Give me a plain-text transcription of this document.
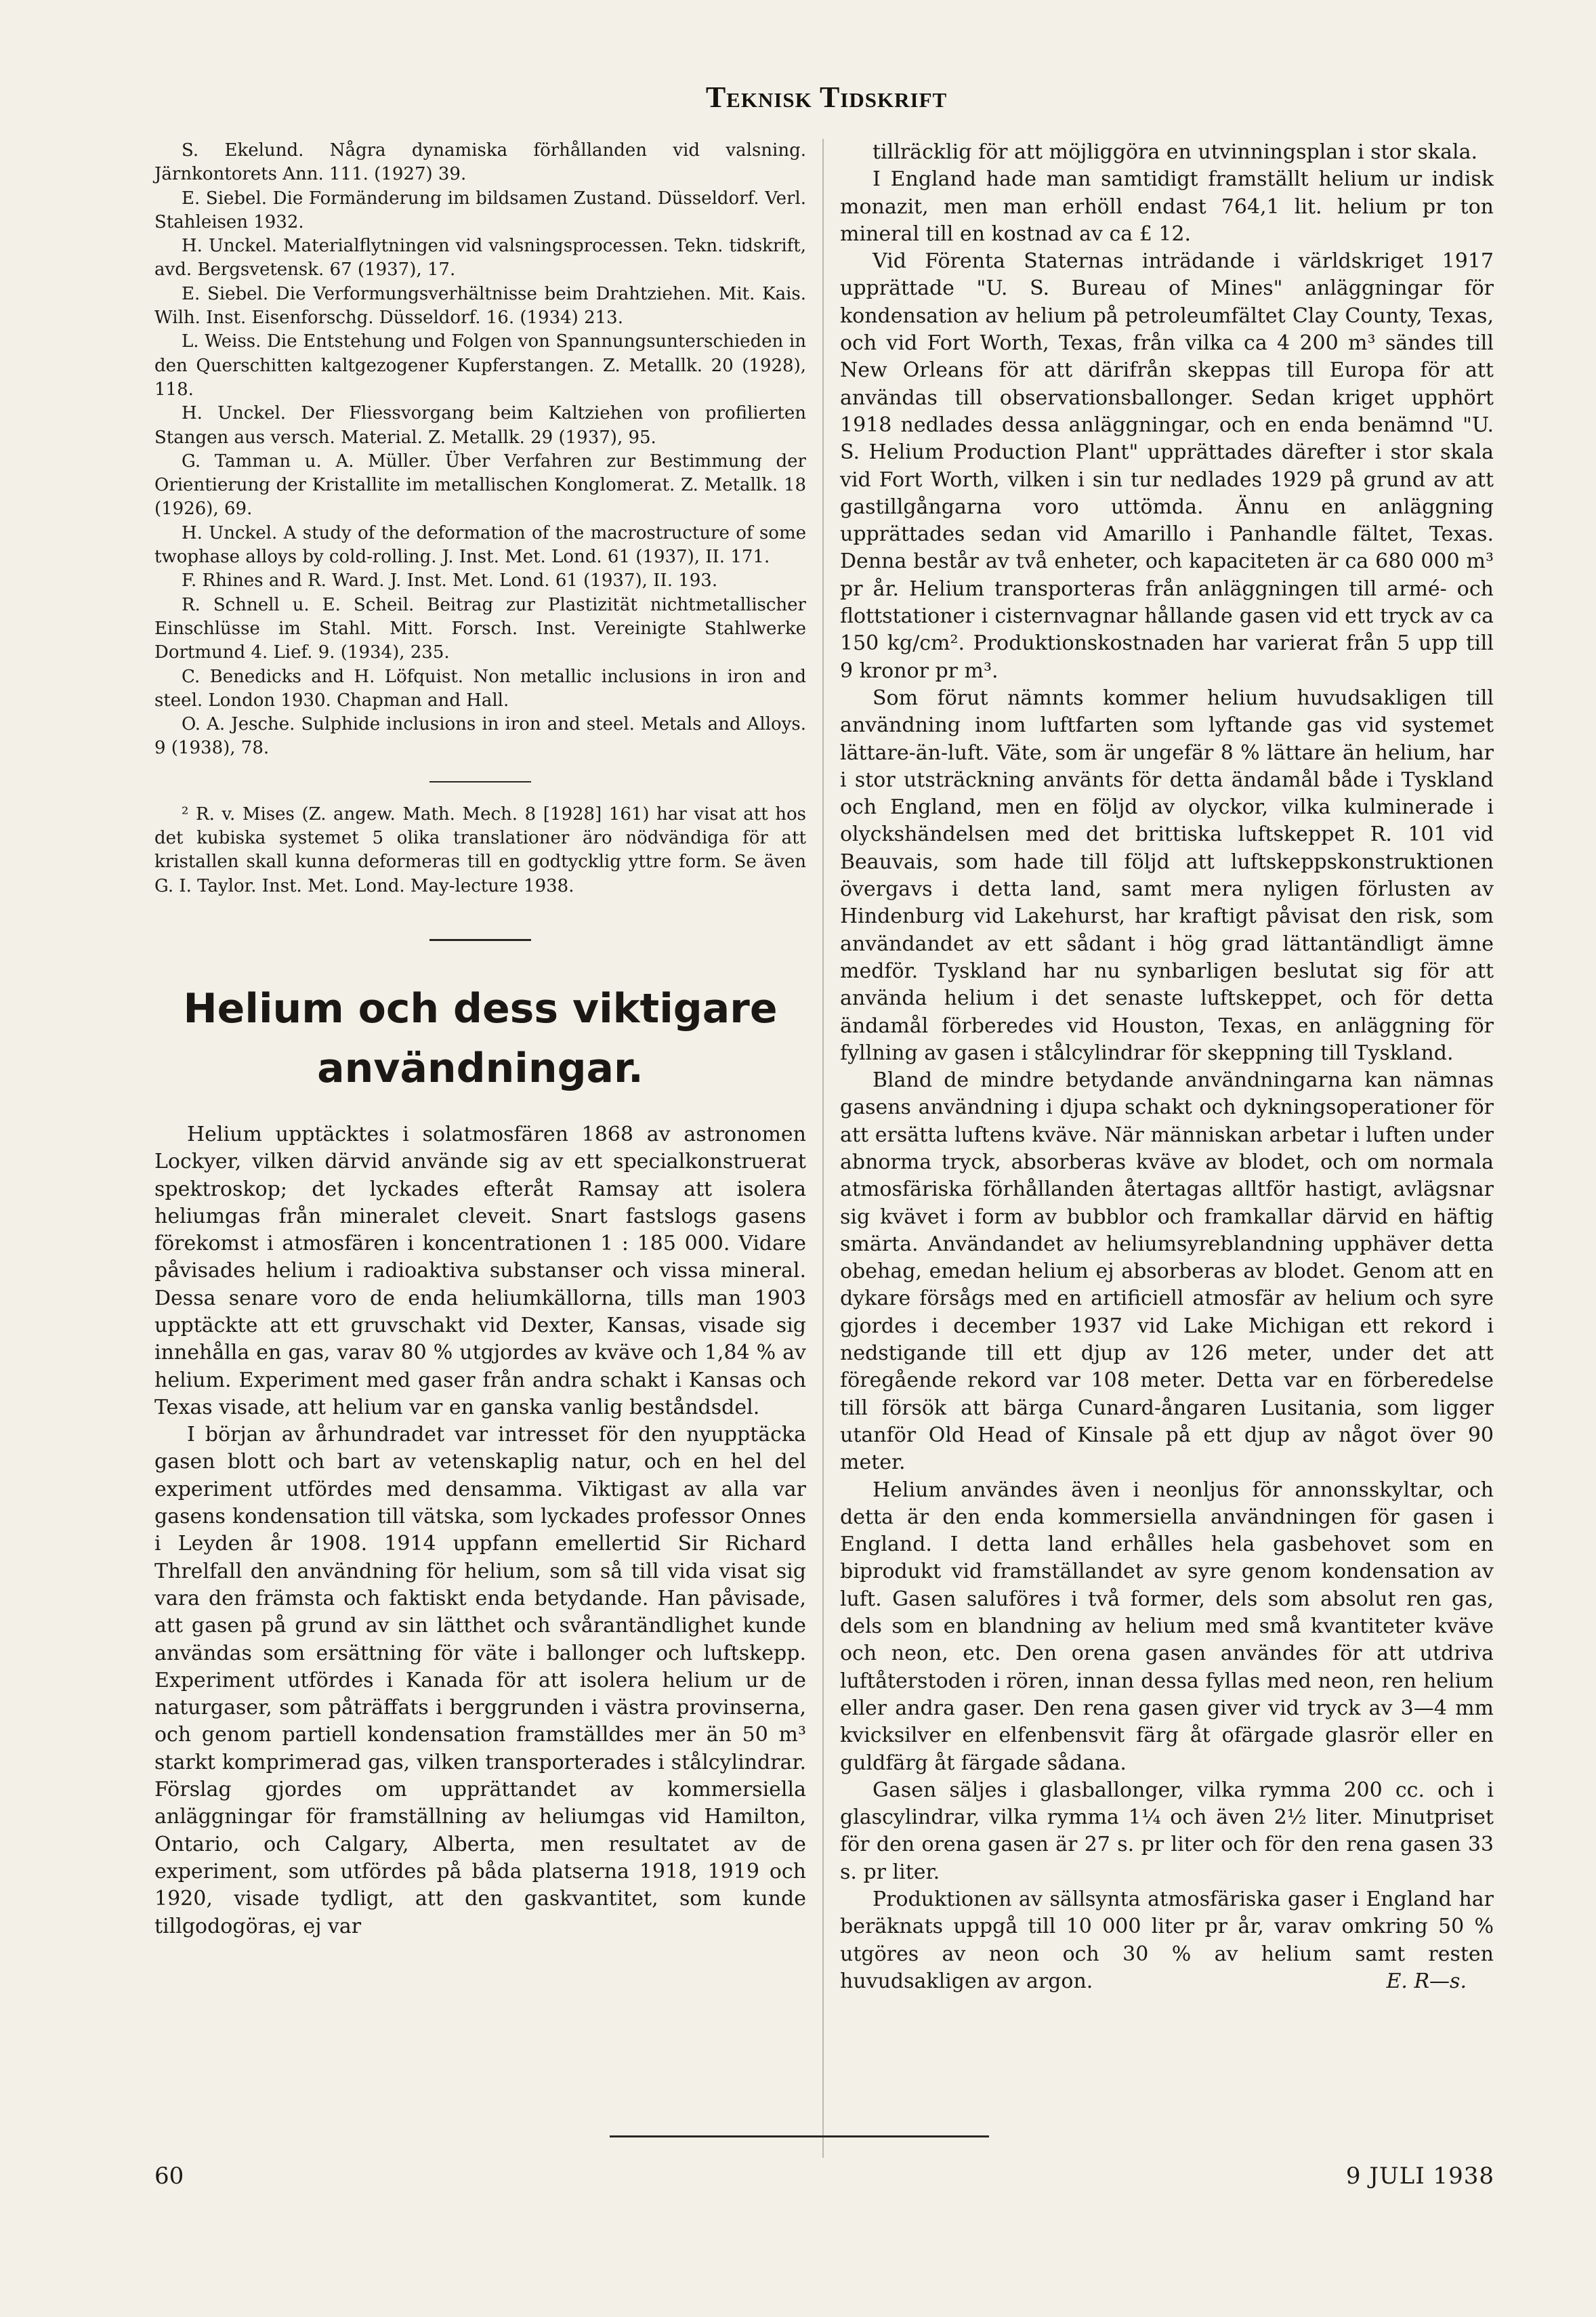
Teknisk Tidskrift

S. Ekelund. Några dynamiska förhållanden vid valsning. Järnkontorets Ann. 111. (1927) 39.

E. Siebel. Die Formänderung im bildsamen Zustand. Düsseldorf. Verl. Stahleisen 1932.

H. Unckel. Materialflytningen vid valsningsprocessen. Tekn. tidskrift, avd. Bergsvetensk. 67 (1937), 17.

E. Siebel. Die Verformungsverhältnisse beim Drahtziehen. Mit. Kais. Wilh. Inst. Eisenforschg. Düsseldorf. 16. (1934) 213.

L. Weiss. Die Entstehung und Folgen von Spannungsunterschieden in den Querschitten kaltgezogener Kupferstangen. Z. Metallk. 20 (1928), 118.

H. Unckel. Der Fliessvorgang beim Kaltziehen von profilierten Stangen aus versch. Material. Z. Metallk. 29 (1937), 95.

G. Tamman u. A. Müller. Über Verfahren zur Bestimmung der Orientierung der Kristallite im metallischen Konglomerat. Z. Metallk. 18 (1926), 69.

H. Unckel. A study of the deformation of the macrostructure of some twophase alloys by cold-rolling. J. Inst. Met. Lond. 61 (1937), II. 171.

F. Rhines and R. Ward. J. Inst. Met. Lond. 61 (1937), II. 193.

R. Schnell u. E. Scheil. Beitrag zur Plastizität nichtmetallischer Einschlüsse im Stahl. Mitt. Forsch. Inst. Vereinigte Stahlwerke Dortmund 4. Lief. 9. (1934), 235.

C. Benedicks and H. Löfquist. Non metallic inclusions in iron and steel. London 1930. Chapman and Hall.

O. A. Jesche. Sulphide inclusions in iron and steel. Metals and Alloys. 9 (1938), 78.

² R. v. Mises (Z. angew. Math. Mech. 8 [1928] 161) har visat att hos det kubiska systemet 5 olika translationer äro nödvändiga för att kristallen skall kunna deformeras till en godtycklig yttre form. Se även G. I. Taylor. Inst. Met. Lond. May-lecture 1938.

Helium och dess viktigare användningar.

Helium upptäcktes i solatmosfären 1868 av astronomen Lockyer, vilken därvid använde sig av ett specialkonstruerat spektroskop; det lyckades efteråt Ramsay att isolera heliumgas från mineralet cleveit. Snart fastslogs gasens förekomst i atmosfären i koncentrationen 1 : 185 000. Vidare påvisades helium i radioaktiva substanser och vissa mineral. Dessa senare voro de enda heliumkällorna, tills man 1903 upptäckte att ett gruvschakt vid Dexter, Kansas, visade sig innehålla en gas, varav 80 % utgjordes av kväve och 1,84 % av helium. Experiment med gaser från andra schakt i Kansas och Texas visade, att helium var en ganska vanlig beståndsdel.

I början av århundradet var intresset för den nyupptäcka gasen blott och bart av vetenskaplig natur, och en hel del experiment utfördes med densamma. Viktigast av alla var gasens kondensation till vätska, som lyckades professor Onnes i Leyden år 1908. 1914 uppfann emellertid Sir Richard Threlfall den användning för helium, som så till vida visat sig vara den främsta och faktiskt enda betydande. Han påvisade, att gasen på grund av sin lätthet och svårantändlighet kunde användas som ersättning för väte i ballonger och luftskepp. Experiment utfördes i Kanada för att isolera helium ur de naturgaser, som påträffats i berggrunden i västra provinserna, och genom partiell kondensation framställdes mer än 50 m³ starkt komprimerad gas, vilken transporterades i stålcylindrar. Förslag gjordes om upprättandet av kommersiella anläggningar för framställning av heliumgas vid Hamilton, Ontario, och Calgary, Alberta, men resultatet av de experiment, som utfördes på båda platserna 1918, 1919 och 1920, visade tydligt, att den gaskvantitet, som kunde tillgodogöras, ej var

tillräcklig för att möjliggöra en utvinningsplan i stor skala.

I England hade man samtidigt framställt helium ur indisk monazit, men man erhöll endast 764,1 lit. helium pr ton mineral till en kostnad av ca £ 12.

Vid Förenta Staternas inträdande i världskriget 1917 upprättade "U. S. Bureau of Mines" anläggningar för kondensation av helium på petroleumfältet Clay County, Texas, och vid Fort Worth, Texas, från vilka ca 4 200 m³ sändes till New Orleans för att därifrån skeppas till Europa för att användas till observationsballonger. Sedan kriget upphört 1918 nedlades dessa anläggningar, och en enda benämnd "U. S. Helium Production Plant" upprättades därefter i stor skala vid Fort Worth, vilken i sin tur nedlades 1929 på grund av att gastillgångarna voro uttömda. Ännu en anläggning upprättades sedan vid Amarillo i Panhandle fältet, Texas. Denna består av två enheter, och kapaciteten är ca 680 000 m³ pr år. Helium transporteras från anläggningen till armé- och flottstationer i cisternvagnar hållande gasen vid ett tryck av ca 150 kg/cm². Produktionskostnaden har varierat från 5 upp till 9 kronor pr m³.

Som förut nämnts kommer helium huvudsakligen till användning inom luftfarten som lyftande gas vid systemet lättare-än-luft. Väte, som är ungefär 8 % lättare än helium, har i stor utsträckning använts för detta ändamål både i Tyskland och England, men en följd av olyckor, vilka kulminerade i olyckshändelsen med det brittiska luftskeppet R. 101 vid Beauvais, som hade till följd att luftskeppskonstruktionen övergavs i detta land, samt mera nyligen förlusten av Hindenburg vid Lakehurst, har kraftigt påvisat den risk, som användandet av ett sådant i hög grad lättantändligt ämne medför. Tyskland har nu synbarligen beslutat sig för att använda helium i det senaste luftskeppet, och för detta ändamål förberedes vid Houston, Texas, en anläggning för fyllning av gasen i stålcylindrar för skeppning till Tyskland.

Bland de mindre betydande användningarna kan nämnas gasens användning i djupa schakt och dykningsoperationer för att ersätta luftens kväve. När människan arbetar i luften under abnorma tryck, absorberas kväve av blodet, och om normala atmosfäriska förhållanden återtagas alltför hastigt, avlägsnar sig kvävet i form av bubblor och framkallar därvid en häftig smärta. Användandet av heliumsyreblandning upphäver detta obehag, emedan helium ej absorberas av blodet. Genom att en dykare försågs med en artificiell atmosfär av helium och syre gjordes i december 1937 vid Lake Michigan ett rekord i nedstigande till ett djup av 126 meter, under det att föregående rekord var 108 meter. Detta var en förberedelse till försök att bärga Cunard-ångaren Lusitania, som ligger utanför Old Head of Kinsale på ett djup av något över 90 meter.

Helium användes även i neonljus för annonsskyltar, och detta är den enda kommersiella användningen för gasen i England. I detta land erhålles hela gasbehovet som en biprodukt vid framställandet av syre genom kondensation av luft. Gasen saluföres i två former, dels som absolut ren gas, dels som en blandning av helium med små kvantiteter kväve och neon, etc. Den orena gasen användes för att utdriva luftåterstoden i rören, innan dessa fyllas med neon, ren helium eller andra gaser. Den rena gasen giver vid tryck av 3—4 mm kvicksilver en elfenbensvit färg åt ofärgade glasrör eller en guldfärg åt färgade sådana.

Gasen säljes i glasballonger, vilka rymma 200 cc. och i glascylindrar, vilka rymma 1¼ och även 2½ liter. Minutpriset för den orena gasen är 27 s. pr liter och för den rena gasen 33 s. pr liter.

Produktionen av sällsynta atmosfäriska gaser i England har beräknats uppgå till 10 000 liter pr år, varav omkring 50 % utgöres av neon och 30 % av helium samt resten huvudsakligen av argon.	E. R—s.

60	9 JULI 1938
